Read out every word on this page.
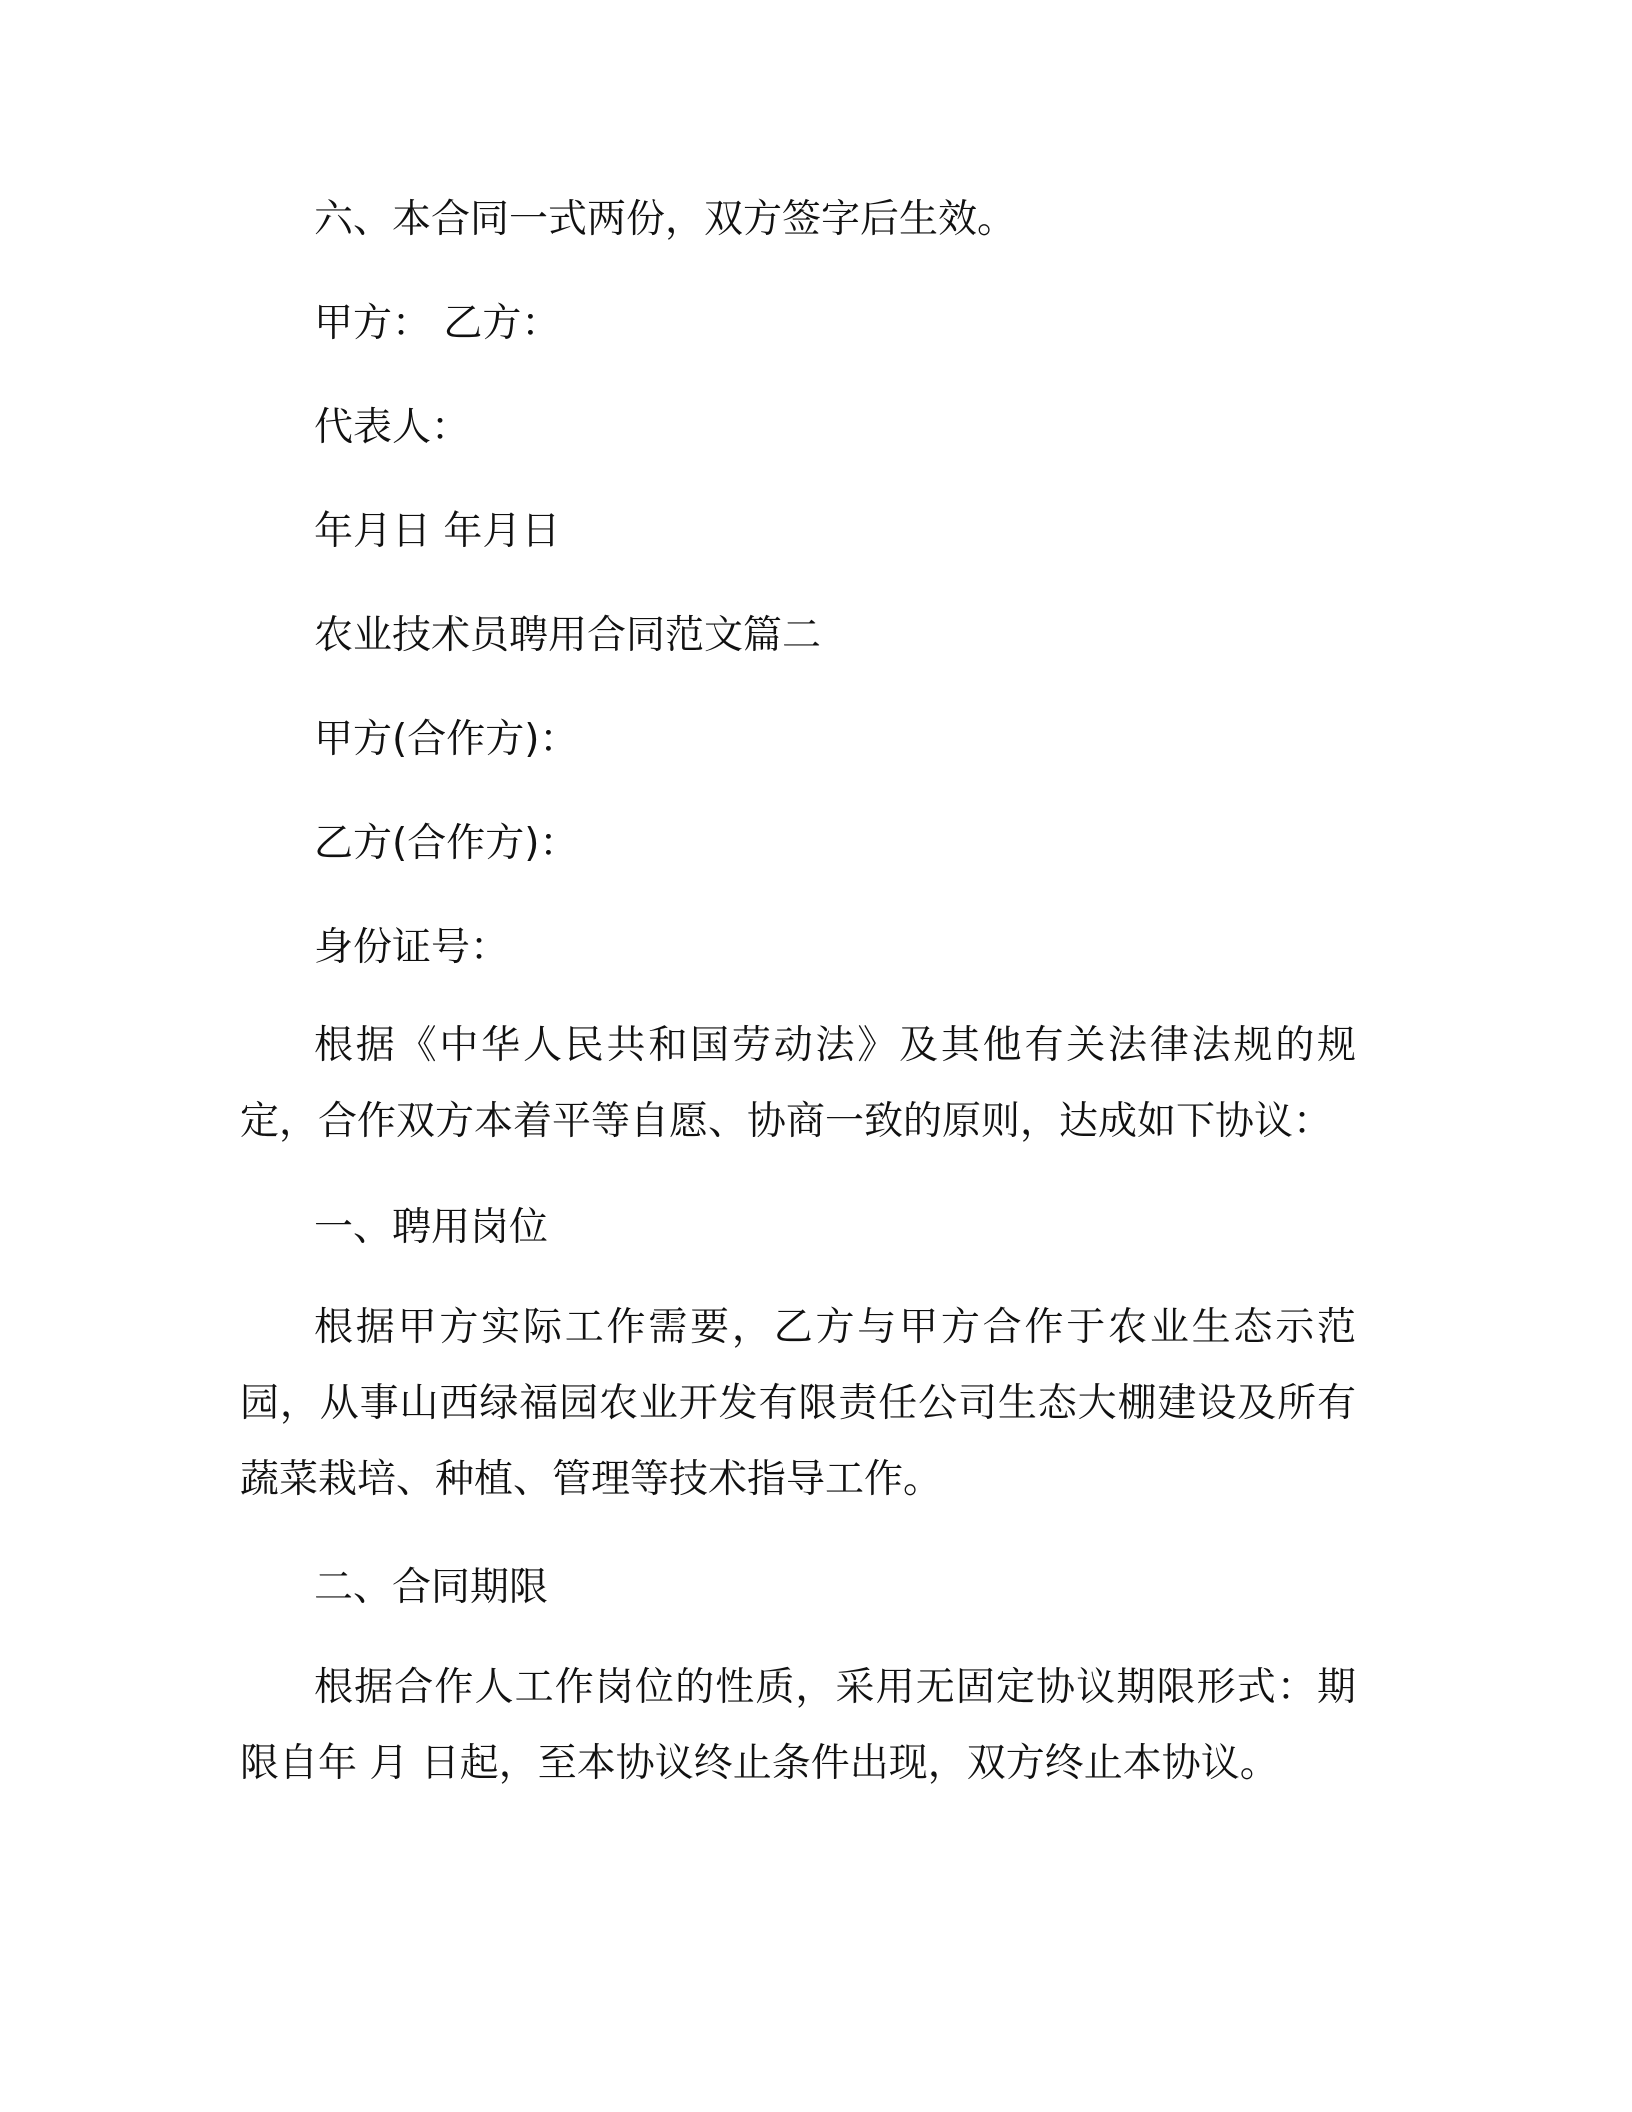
六、本合同一式两份，双方签字后生效。
甲方： 乙方：
代表人：
年月日 年月日
农业技术员聘用合同范文篇二
甲方(合作方)：
乙方(合作方)：
身份证号：
根据《中华人民共和国劳动法》及其他有关法律法规的规定，合作双方本着平等自愿、协商一致的原则，达成如下协议：
一、聘用岗位
根据甲方实际工作需要，乙方与甲方合作于农业生态示范园，从事山西绿福园农业开发有限责任公司生态大棚建设及所有蔬菜栽培、种植、管理等技术指导工作。
二、合同期限
根据合作人工作岗位的性质，采用无固定协议期限形式：期限自年 月 日起，至本协议终止条件出现，双方终止本协议。
